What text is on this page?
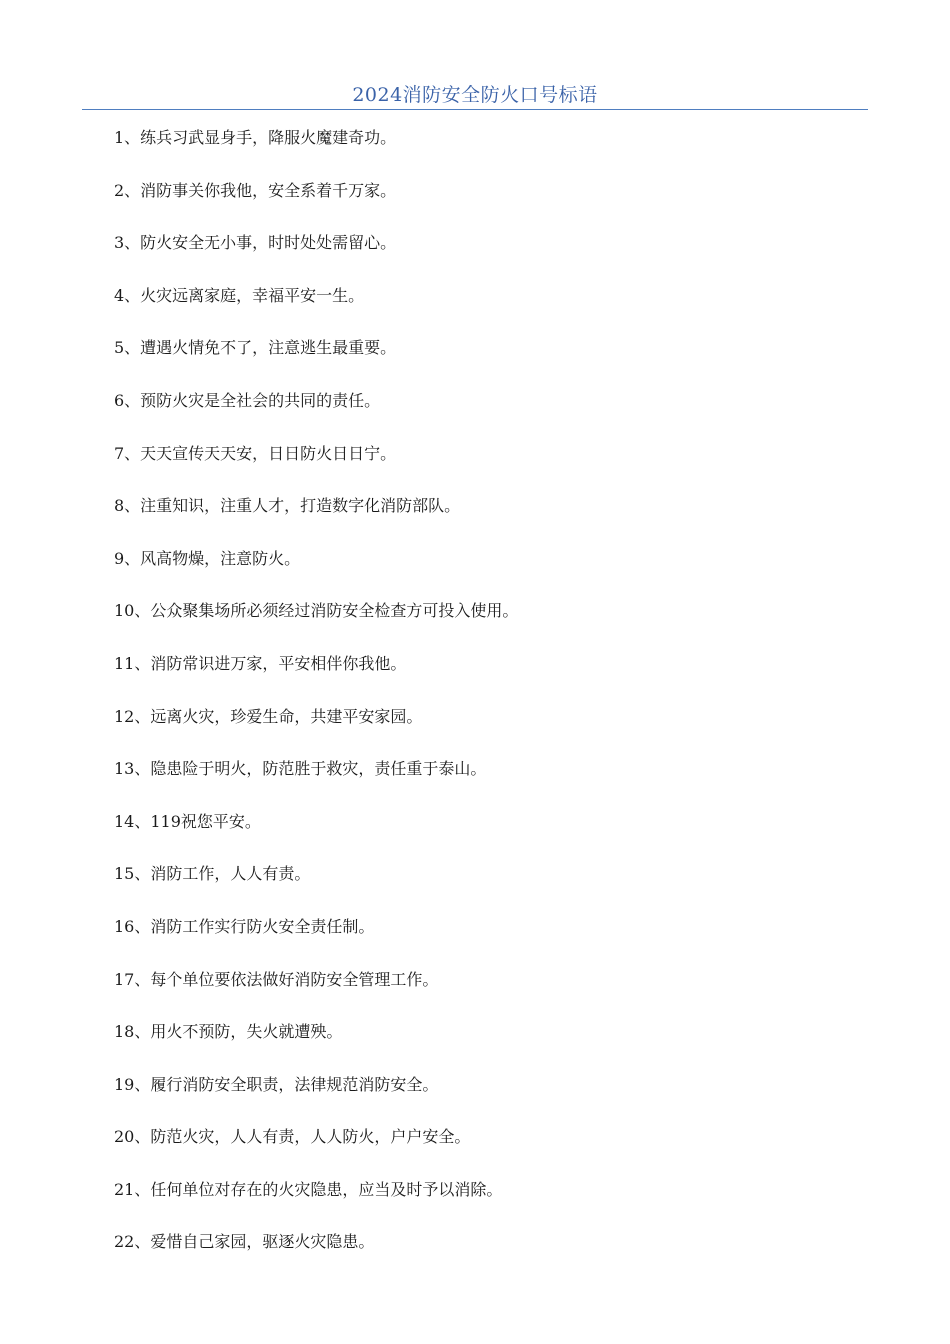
2024消防安全防火口号标语
1、练兵习武显身手，降服火魔建奇功。
2、消防事关你我他，安全系着千万家。
3、防火安全无小事，时时处处需留心。
4、火灾远离家庭，幸福平安一生。
5、遭遇火情免不了，注意逃生最重要。
6、预防火灾是全社会的共同的责任。
7、天天宣传天天安，日日防火日日宁。
8、注重知识，注重人才，打造数字化消防部队。
9、风高物燥，注意防火。
10、公众聚集场所必须经过消防安全检查方可投入使用。
11、消防常识进万家，平安相伴你我他。
12、远离火灾，珍爱生命，共建平安家园。
13、隐患险于明火，防范胜于救灾，责任重于泰山。
14、119祝您平安。
15、消防工作，人人有责。
16、消防工作实行防火安全责任制。
17、每个单位要依法做好消防安全管理工作。
18、用火不预防，失火就遭殃。
19、履行消防安全职责，法律规范消防安全。
20、防范火灾，人人有责，人人防火，户户安全。
21、任何单位对存在的火灾隐患，应当及时予以消除。
22、爱惜自己家园，驱逐火灾隐患。
